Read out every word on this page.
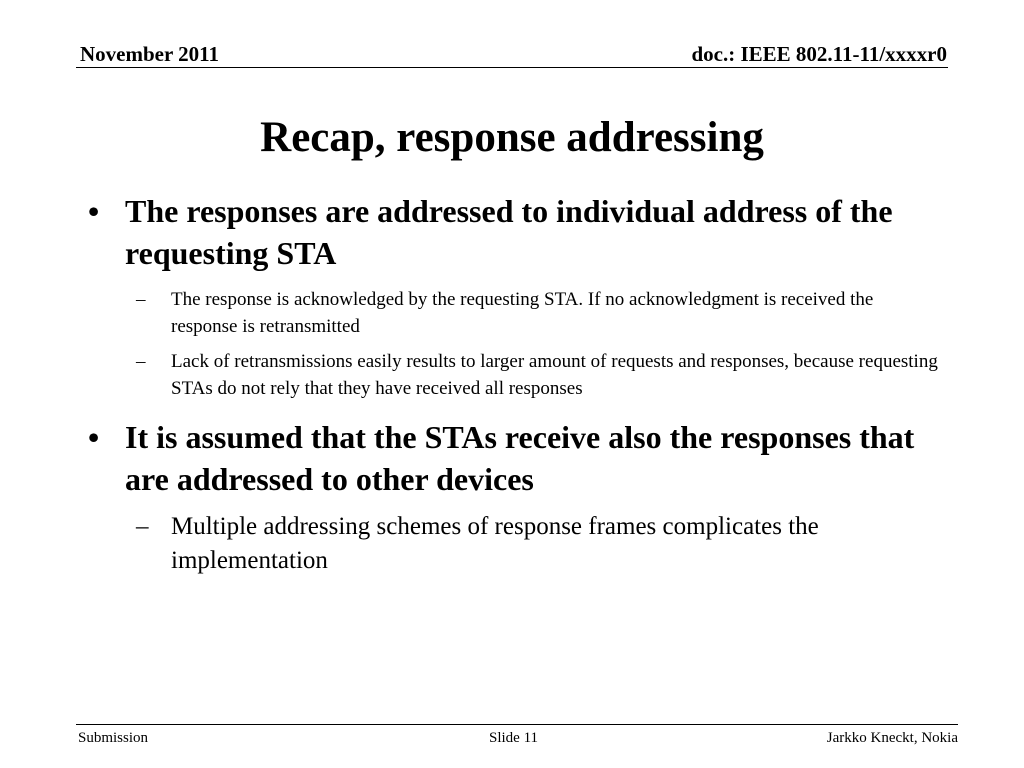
November 2011	doc.: IEEE 802.11-11/xxxxr0
Recap, response addressing
• The responses are addressed to individual address of the requesting STA
– The response is acknowledged by the requesting STA. If no acknowledgment is received the response is retransmitted
– Lack of retransmissions easily results to larger amount of requests and responses, because requesting STAs do not rely that they have received all responses
• It is assumed that the STAs receive also the responses that are addressed to other devices
– Multiple addressing schemes of response frames complicates the implementation
Submission	Slide 11	Jarkko Kneckt, Nokia
